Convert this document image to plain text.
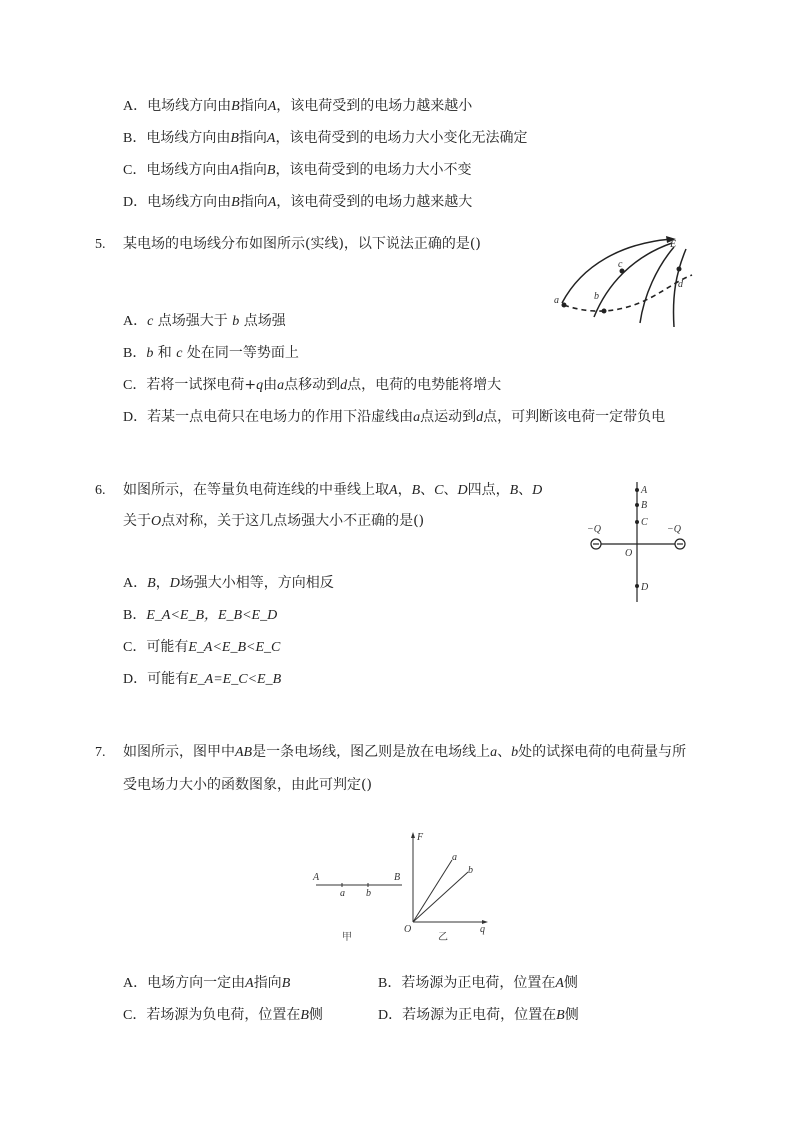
A．电场线方向由B指向A，该电荷受到的电场力越来越小
B．电场线方向由B指向A，该电荷受到的电场力大小变化无法确定
C．电场线方向由A指向B，该电荷受到的电场力大小不变
D．电场线方向由B指向A，该电荷受到的电场力越来越大
5. 某电场的电场线分布如图所示(实线)，以下说法正确的是()
a	b
c
d
E
A．c 点场强大于 b 点场强
B．b 和 c 处在同一等势面上
C．若将一试探电荷+q由a点移动到d点，电荷的电势能将增大
D．若某一点电荷只在电场力的作用下沿虚线由a点运动到d点，可判断该电荷一定带负电
6. 如图所示，在等量负电荷连线的中垂线上取A，B、C、D四点，B、D
关于O点对称，关于这几点场强大小不正确的是()
A
B
C
D
O
−Q	−Q
A．B，D场强大小相等，方向相反
B．E_A<E_B，E_B<E_D
C．可能有E_A<E_B<E_C
D．可能有E_A=E_C<E_B
7. 如图所示，图甲中AB是一条电场线，图乙则是放在电场线上a、b处的试探电荷的电荷量与所
受电场力大小的函数图象，由此可判定()
A	B
a b
甲
F
q
O
a
b
乙
A．电场方向一定由A指向B	B．若场源为正电荷，位置在A侧
C．若场源为负电荷，位置在B侧	D．若场源为正电荷，位置在B侧
